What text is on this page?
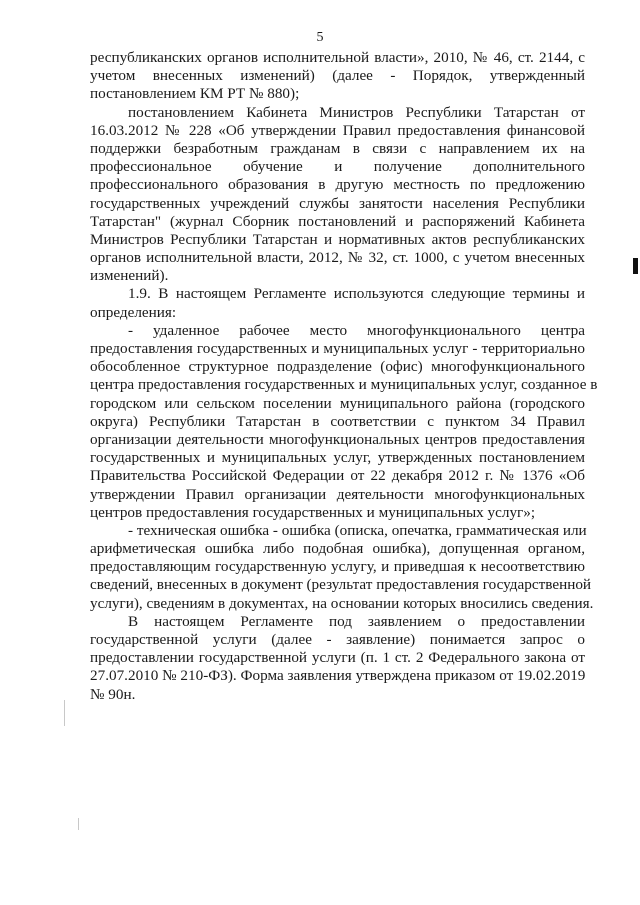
5
республиканских органов исполнительной власти», 2010, № 46, ст. 2144, с
учетом внесенных изменений) (далее - Порядок, утвержденный
постановлением КМ РТ № 880);
постановлением Кабинета Министров Республики Татарстан от
16.03.2012 № 228 «Об утверждении Правил предоставления финансовой
поддержки безработным гражданам в связи с направлением их на
профессиональное обучение и получение дополнительного
профессионального образования в другую местность по предложению
государственных учреждений службы занятости населения Республики
Татарстан" (журнал Сборник постановлений и распоряжений Кабинета
Министров Республики Татарстан и нормативных актов республиканских
органов исполнительной власти, 2012, № 32, ст. 1000, с учетом внесенных
изменений).
1.9. В настоящем Регламенте используются следующие термины и
определения:
- удаленное рабочее место многофункционального центра
предоставления государственных и муниципальных услуг - территориально
обособленное структурное подразделение (офис) многофункционального
центра предоставления государственных и муниципальных услуг, созданное в
городском или сельском поселении муниципального района (городского
округа) Республики Татарстан в соответствии с пунктом 34 Правил
организации деятельности многофункциональных центров предоставления
государственных и муниципальных услуг, утвержденных постановлением
Правительства Российской Федерации от 22 декабря 2012 г. № 1376 «Об
утверждении Правил организации деятельности многофункциональных
центров предоставления государственных и муниципальных услуг»;
- техническая ошибка - ошибка (описка, опечатка, грамматическая или
арифметическая ошибка либо подобная ошибка), допущенная органом,
предоставляющим государственную услугу, и приведшая к несоответствию
сведений, внесенных в документ (результат предоставления государственной
услуги), сведениям в документах, на основании которых вносились сведения.
В настоящем Регламенте под заявлением о предоставлении
государственной услуги (далее - заявление) понимается запрос о
предоставлении государственной услуги (п. 1 ст. 2 Федерального закона от
27.07.2010 № 210-ФЗ). Форма заявления утверждена приказом от 19.02.2019
№ 90н.
